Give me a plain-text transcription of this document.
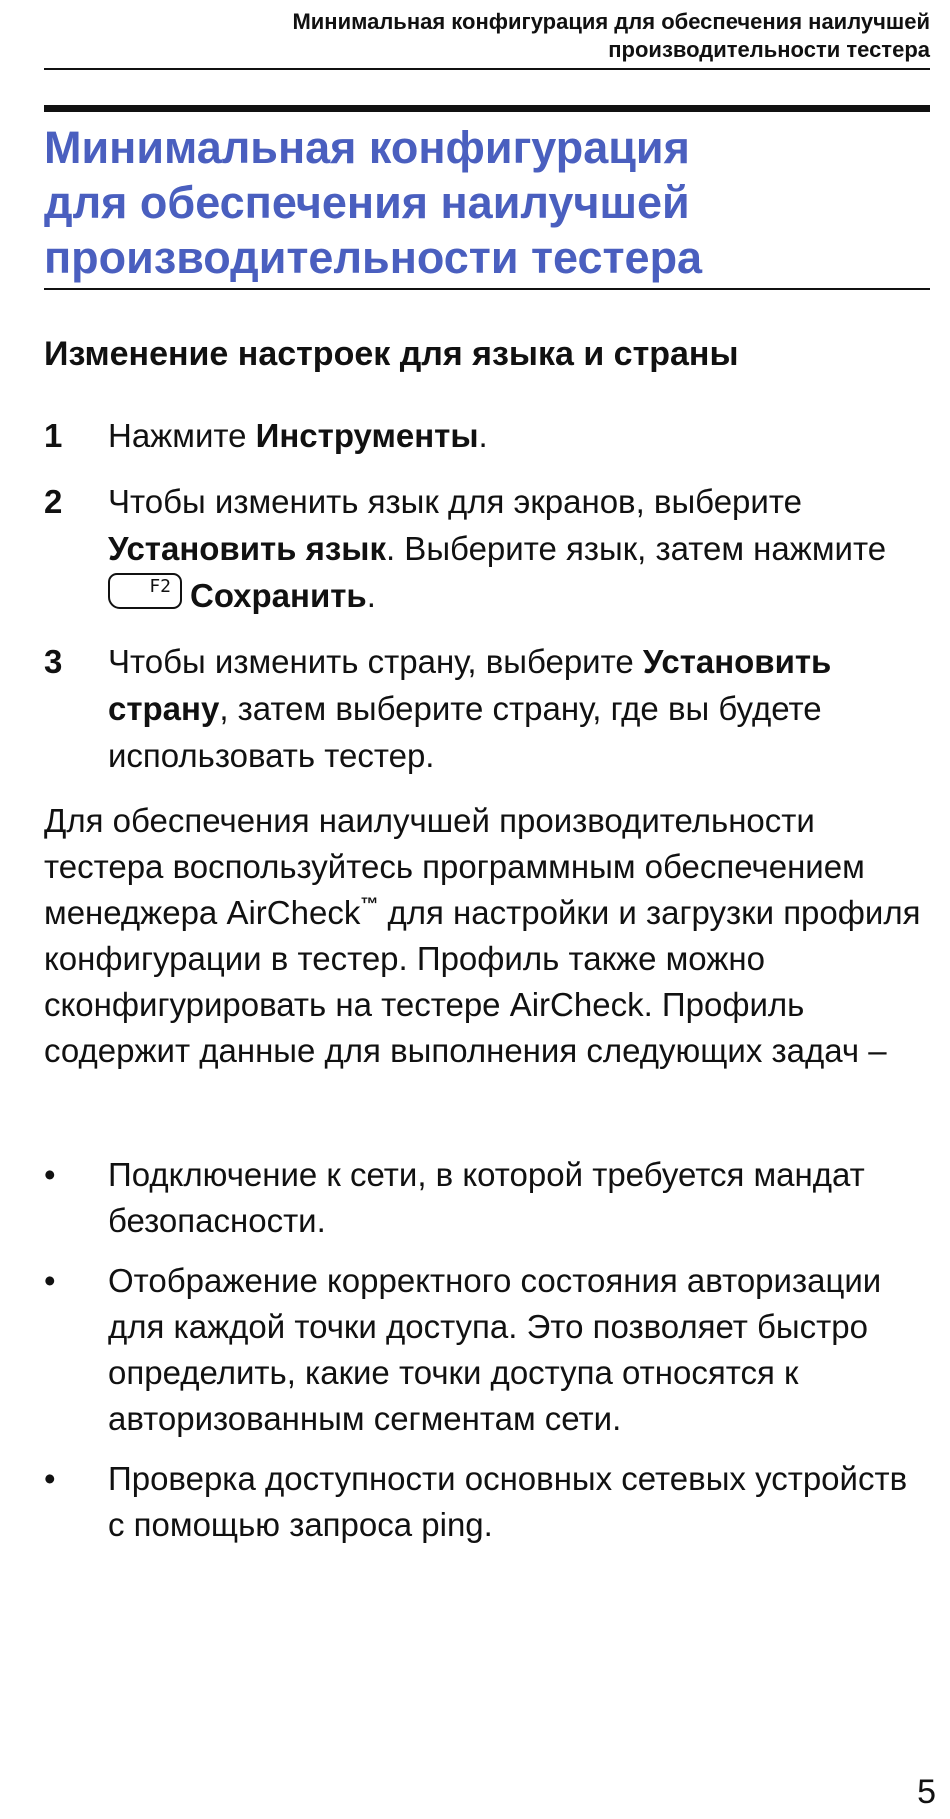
Минимальная конфигурация для обеспечения наилучшей
производительности тестера
Минимальная конфигурация
для обеспечения наилучшей
производительности тестера
Изменение настроек для языка и страны
1 Нажмите Инструменты.
2 Чтобы изменить язык для экранов, выберите Установить язык. Выберите язык, затем нажмите
F2 Сохранить.
3 Чтобы изменить страну, выберите Установить страну, затем выберите страну, где вы будете использовать тестер.

Для обеспечения наилучшей производительности тестера воспользуйтесь программным обеспечением менеджера AirCheck™ для настройки и загрузки профиля конфигурации в тестер. Профиль также можно сконфигурировать на тестере AirCheck. Профиль содержит данные для выполнения следующих задач –

• Подключение к сети, в которой требуется мандат безопасности.
• Отображение корректного состояния авторизации для каждой точки доступа. Это позволяет быстро определить, какие точки доступа относятся к авторизованным сегментам сети.
• Проверка доступности основных сетевых устройств с помощью запроса ping.
5
